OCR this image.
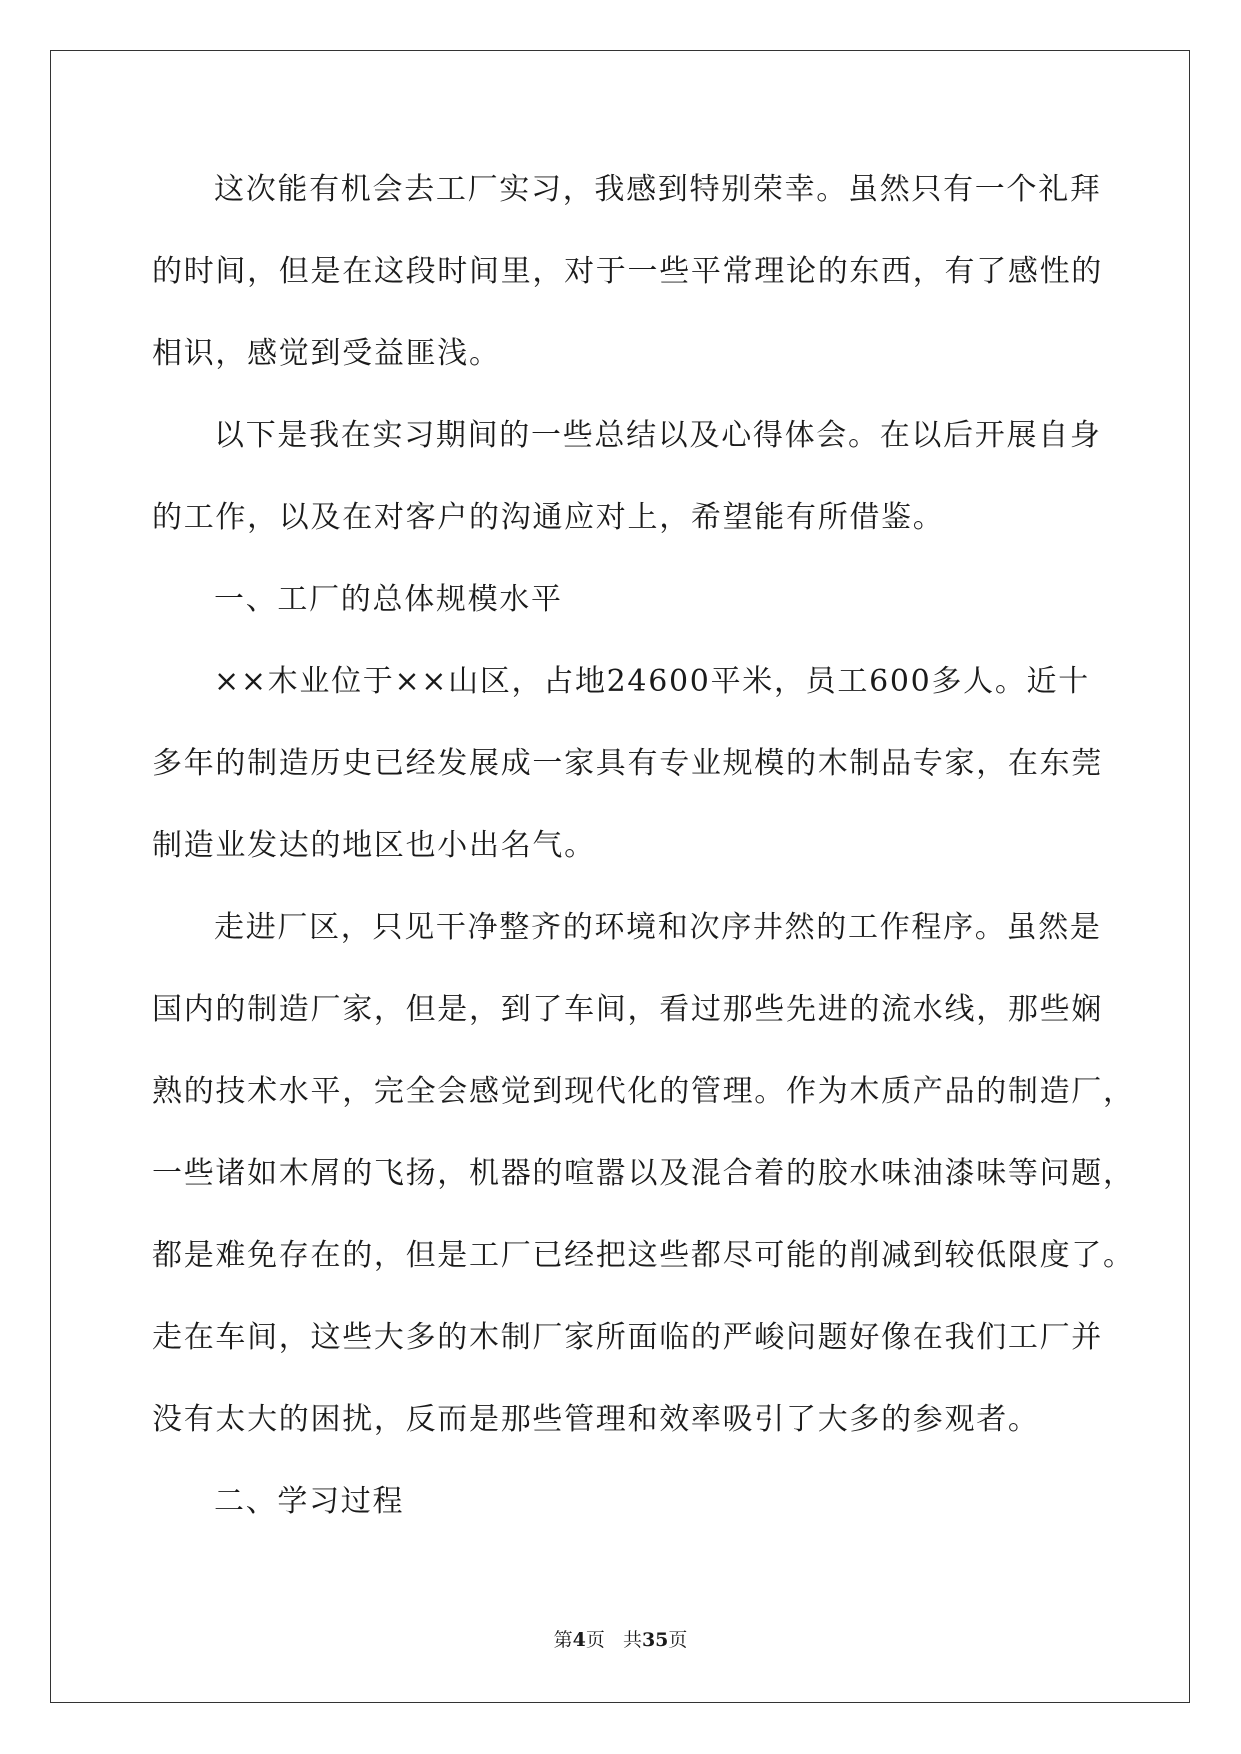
这次能有机会去工厂实习，我感到特别荣幸。虽然只有一个礼拜
的时间，但是在这段时间里，对于一些平常理论的东西，有了感性的
相识，感觉到受益匪浅。
以下是我在实习期间的一些总结以及心得体会。在以后开展自身
的工作，以及在对客户的沟通应对上，希望能有所借鉴。
一、工厂的总体规模水平
××木业位于××山区，占地24600平米，员工600多人。近十
多年的制造历史已经发展成一家具有专业规模的木制品专家，在东莞
制造业发达的地区也小出名气。
走进厂区，只见干净整齐的环境和次序井然的工作程序。虽然是
国内的制造厂家，但是，到了车间，看过那些先进的流水线，那些娴
熟的技术水平，完全会感觉到现代化的管理。作为木质产品的制造厂，
一些诸如木屑的飞扬，机器的喧嚣以及混合着的胶水味油漆味等问题，
都是难免存在的，但是工厂已经把这些都尽可能的削减到较低限度了。
走在车间，这些大多的木制厂家所面临的严峻问题好像在我们工厂并
没有太大的困扰，反而是那些管理和效率吸引了大多的参观者。
二、学习过程
第4页   共35页
